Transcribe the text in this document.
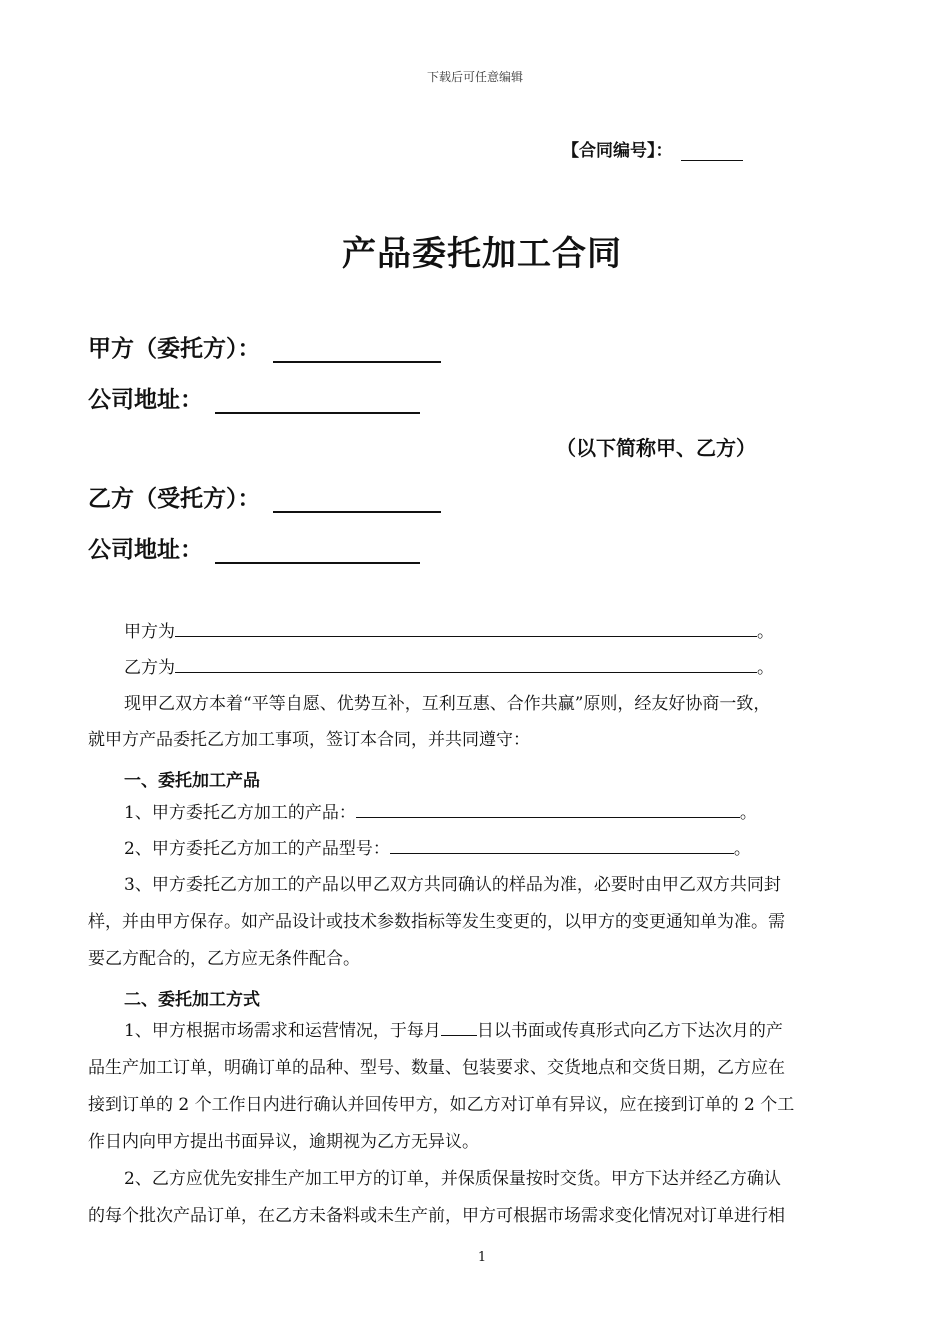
下载后可任意编辑
【合同编号】：
产品委托加工合同
甲方（委托方）：
公司地址：
（以下简称甲、乙方）
乙方（受托方）：
公司地址：
甲方为	。
乙方为	。
现甲乙双方本着“平等自愿、优势互补，互利互惠、合作共赢”原则，经友好协商一致，
就甲方产品委托乙方加工事项，签订本合同，并共同遵守：
一、委托加工产品
1、甲方委托乙方加工的产品：	。
2、甲方委托乙方加工的产品型号：	。
3、甲方委托乙方加工的产品以甲乙双方共同确认的样品为准，必要时由甲乙双方共同封
样，并由甲方保存。如产品设计或技术参数指标等发生变更的，以甲方的变更通知单为准。需
要乙方配合的，乙方应无条件配合。
二、委托加工方式
1、甲方根据市场需求和运营情况，于每月 日以书面或传真形式向乙方下达次月的产
品生产加工订单，明确订单的品种、型号、数量、包装要求、交货地点和交货日期，乙方应在
接到订单的 2 个工作日内进行确认并回传甲方，如乙方对订单有异议，应在接到订单的 2 个工
作日内向甲方提出书面异议，逾期视为乙方无异议。
2、乙方应优先安排生产加工甲方的订单，并保质保量按时交货。甲方下达并经乙方确认
的每个批次产品订单，在乙方未备料或未生产前，甲方可根据市场需求变化情况对订单进行相
1
